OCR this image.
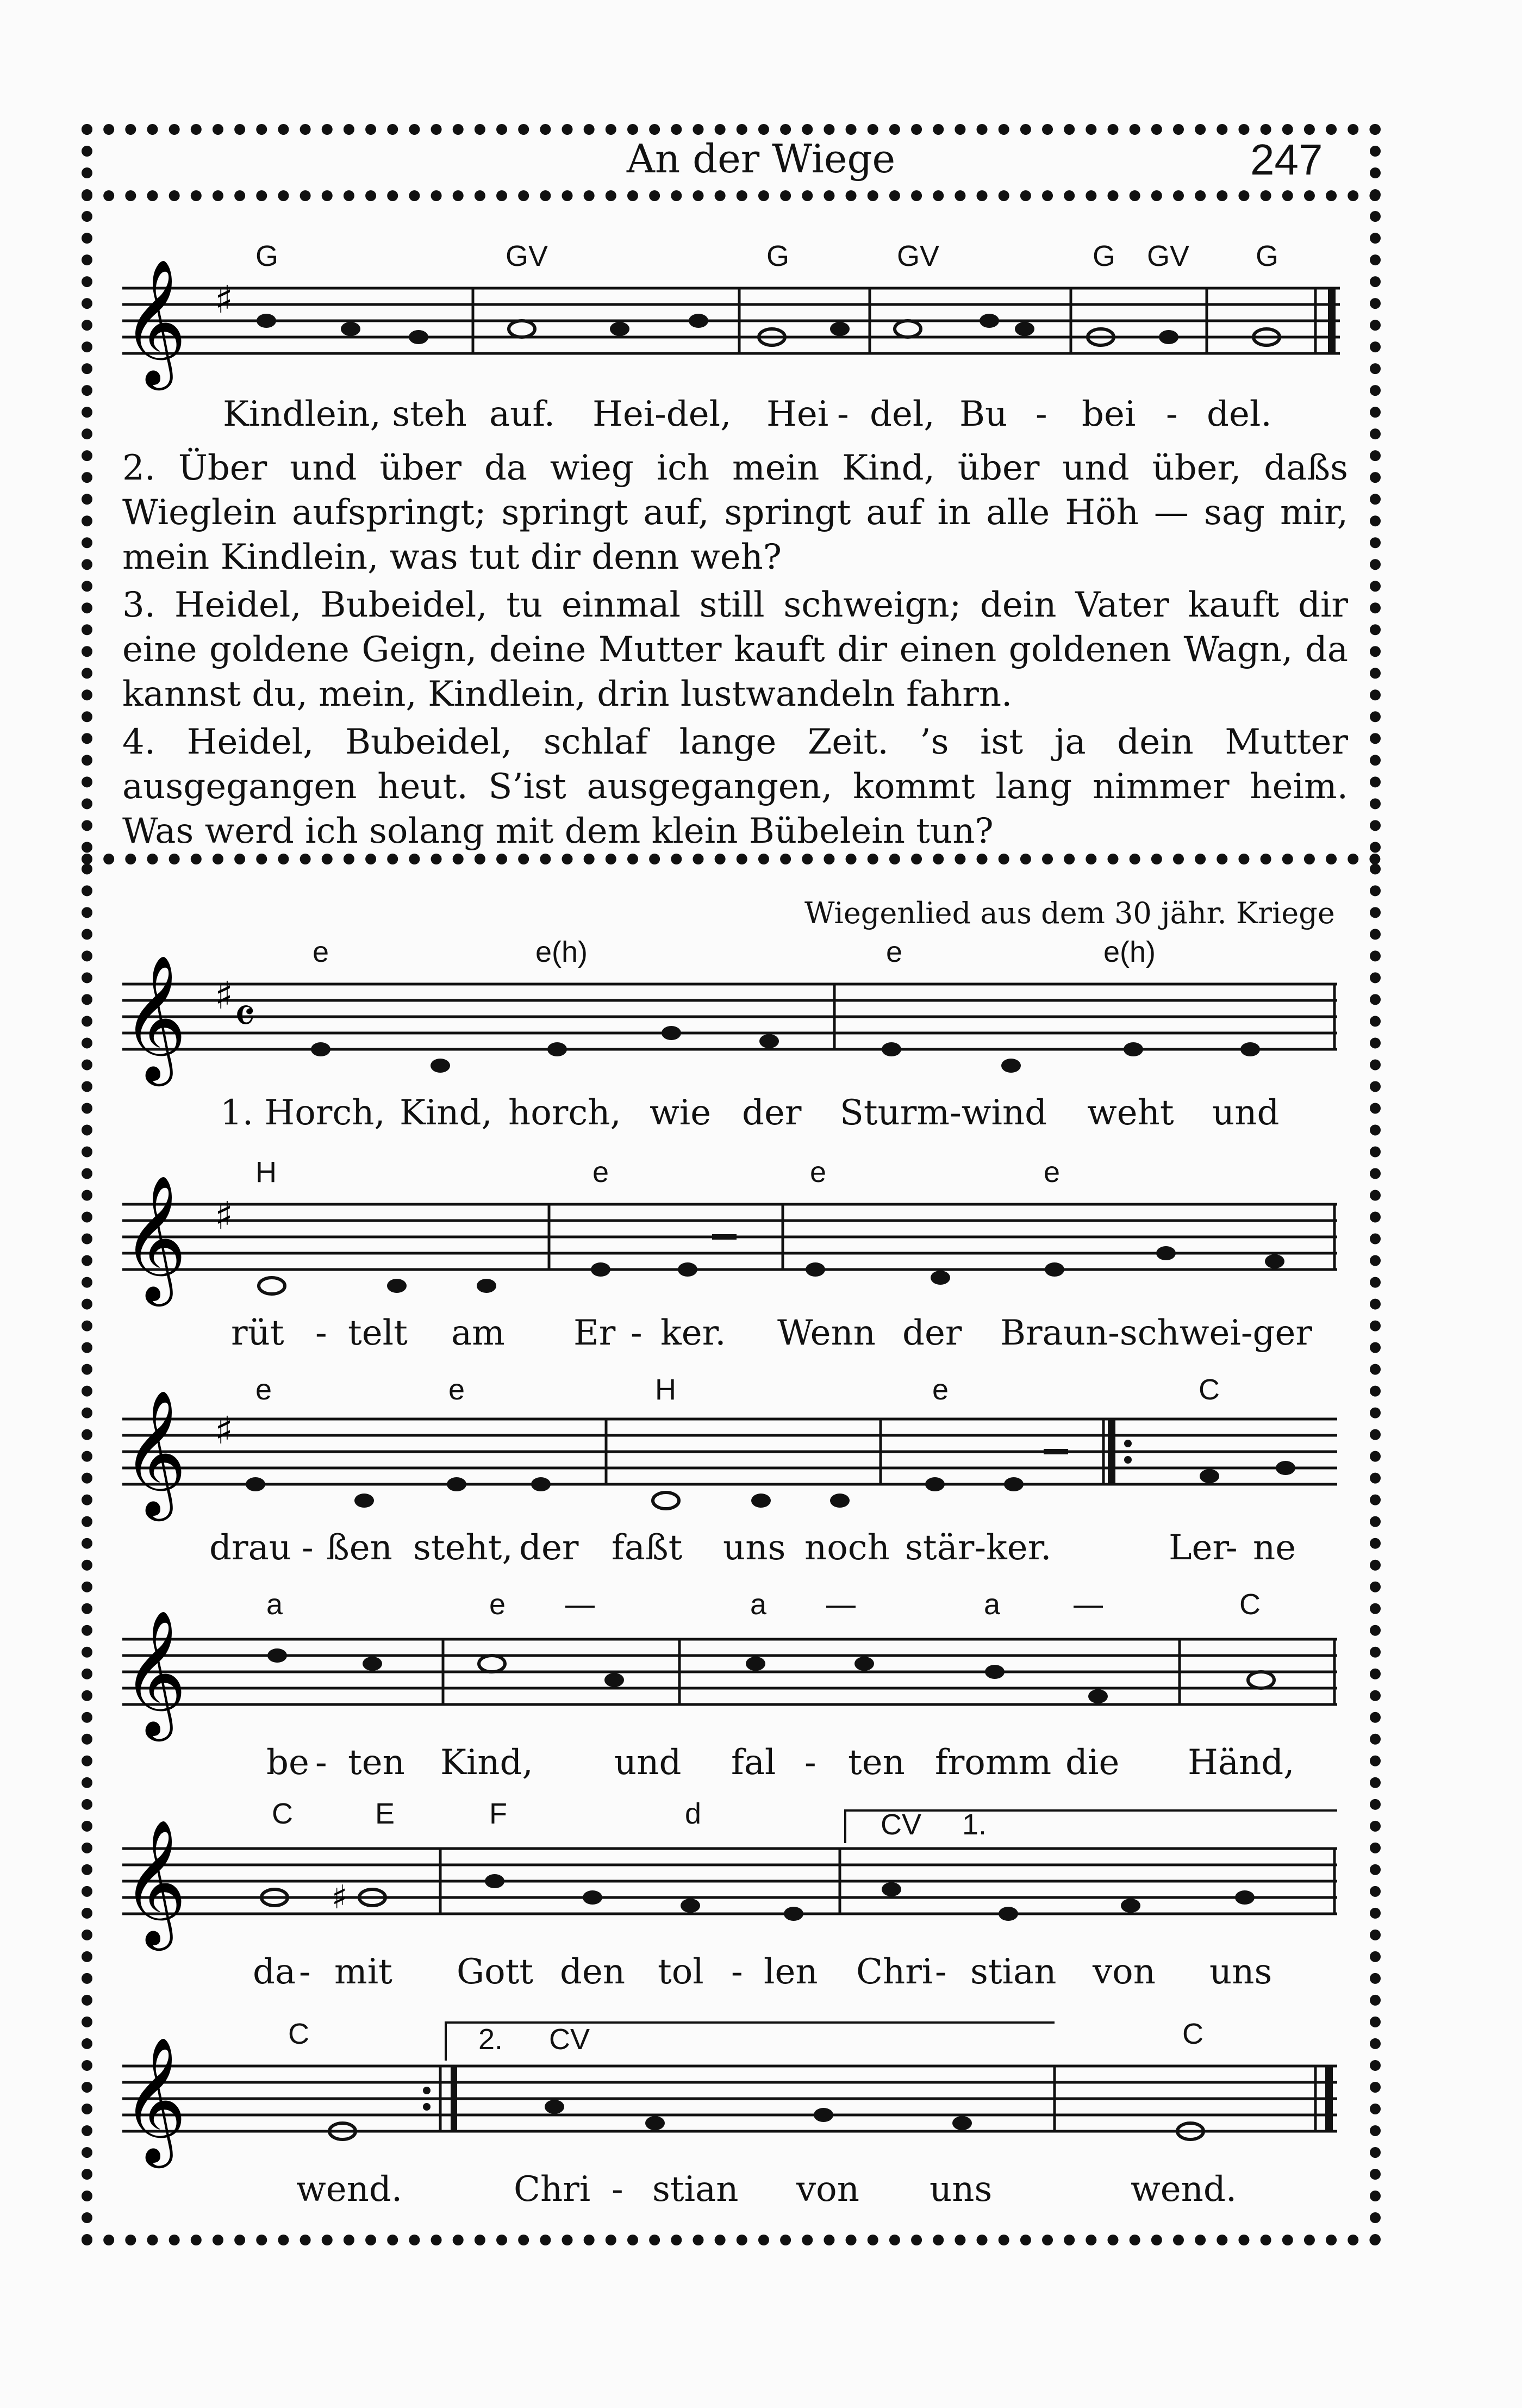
An der Wiege	247
G	GV	G	GV	G GV G
𝄞 ♯
Kindlein, steh auf. Hei-del, Hei - del, Bu - bei - del.

2. Über und über da wieg ich mein Kind, über und über, daßs Wieglein aufspringt; springt auf, springt auf in alle Höh — sag mir, mein Kindlein, was tut dir denn weh?

3. Heidel, Bubeidel, tu einmal still schweign; dein Vater kauft dir eine goldene Geign, deine Mutter kauft dir einen goldenen Wagn, da kannst du, mein, Kindlein, drin lustwandeln fahrn.

4. Heidel, Bubeidel, schlaf lange Zeit. ’s ist ja dein Mutter ausgegangen heut. S’ist ausgegangen, kommt lang nimmer heim. Was werd ich solang mit dem klein Bübelein tun?

Wiegenlied aus dem 30 jähr. Kriege
e	e(h)	e	e(h)
𝄞 ♯ 𝄴
1. Horch, Kind, horch, wie der Sturm-wind weht und
H	e	e	e
𝄞 ♯
rüt - telt am Er - ker. Wenn der Braun-schwei-ger
e	e	H	e	C
𝄞 ♯
drau - ßen steht, der faßt uns noch stär-ker.	Ler
- ne
a	e —	a —	a —	C
𝄞
be - ten Kind, und fal - ten fromm die Händ,
C	E	F	d	CV 1.
𝄞	♯
da - mit Gott den tol - len Chri - stian von uns
C	2. CV	C
𝄞
wend.	Chri - stian von uns	wend.
